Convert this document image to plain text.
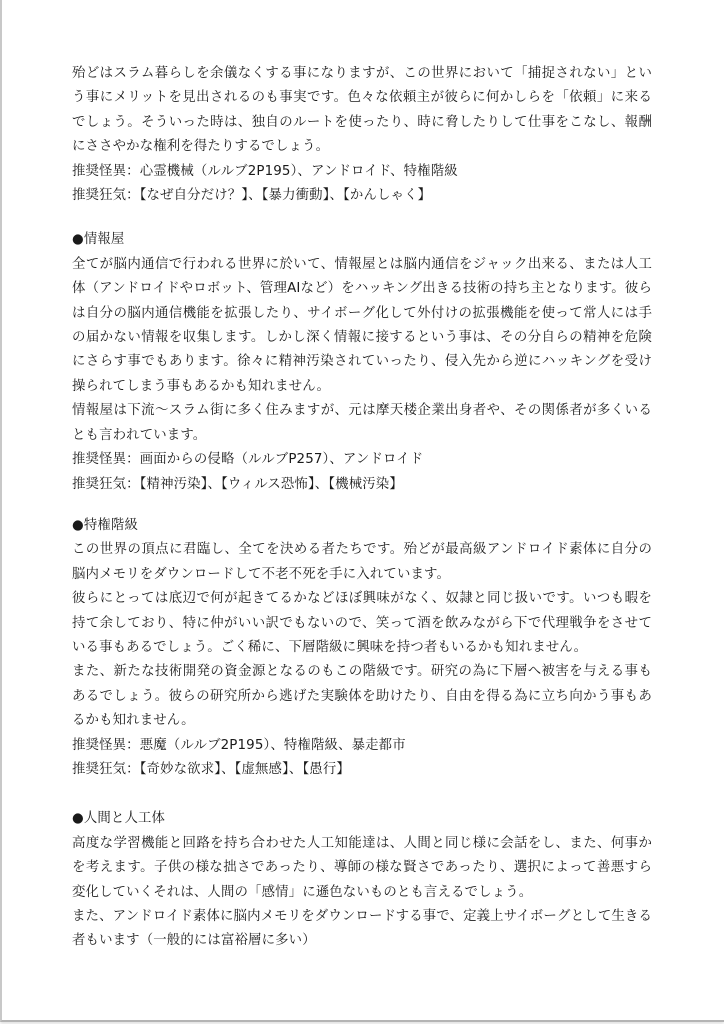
殆どはスラム暮らしを余儀なくする事になりますが、この世界において「捕捉されない」という事にメリットを見出されるのも事実です。色々な依頼主が彼らに何かしらを「依頼」に来るでしょう。そういった時は、独自のルートを使ったり、時に脅したりして仕事をこなし、報酬にささやかな権利を得たりするでしょう。

推奨怪異：心霊機械（ルルブ2P195）、アンドロイド、特権階級

推奨狂気：【なぜ自分だけ？】、【暴力衝動】、【かんしゃく】

●情報屋

全てが脳内通信で行われる世界に於いて、情報屋とは脳内通信をジャック出来る、または人工体（アンドロイドやロボット、管理AIなど）をハッキング出きる技術の持ち主となります。彼らは自分の脳内通信機能を拡張したり、サイボーグ化して外付けの拡張機能を使って常人には手の届かない情報を収集します。しかし深く情報に接するという事は、その分自らの精神を危険にさらす事でもあります。徐々に精神汚染されていったり、侵入先から逆にハッキングを受け操られてしまう事もあるかも知れません。

情報屋は下流～スラム街に多く住みますが、元は摩天楼企業出身者や、その関係者が多くいるとも言われています。

推奨怪異：画面からの侵略（ルルブP257）、アンドロイド

推奨狂気：【精神汚染】、【ウィルス恐怖】、【機械汚染】

●特権階級

この世界の頂点に君臨し、全てを決める者たちです。殆どが最高級アンドロイド素体に自分の脳内メモリをダウンロードして不老不死を手に入れています。

彼らにとっては底辺で何が起きてるかなどほぼ興味がなく、奴隷と同じ扱いです。いつも暇を持て余しており、特に仲がいい訳でもないので、笑って酒を飲みながら下で代理戦争をさせている事もあるでしょう。ごく稀に、下層階級に興味を持つ者もいるかも知れません。

また、新たな技術開発の資金源となるのもこの階級です。研究の為に下層へ被害を与える事もあるでしょう。彼らの研究所から逃げた実験体を助けたり、自由を得る為に立ち向かう事もあるかも知れません。

推奨怪異：悪魔（ルルブ2P195）、特権階級、暴走都市

推奨狂気：【奇妙な欲求】、【虚無感】、【愚行】

●人間と人工体

高度な学習機能と回路を持ち合わせた人工知能達は、人間と同じ様に会話をし、また、何事かを考えます。子供の様な拙さであったり、導師の様な賢さであったり、選択によって善悪すら変化していくそれは、人間の「感情」に遜色ないものとも言えるでしょう。

また、アンドロイド素体に脳内メモリをダウンロードする事で、定義上サイボーグとして生きる者もいます（一般的には富裕層に多い）
